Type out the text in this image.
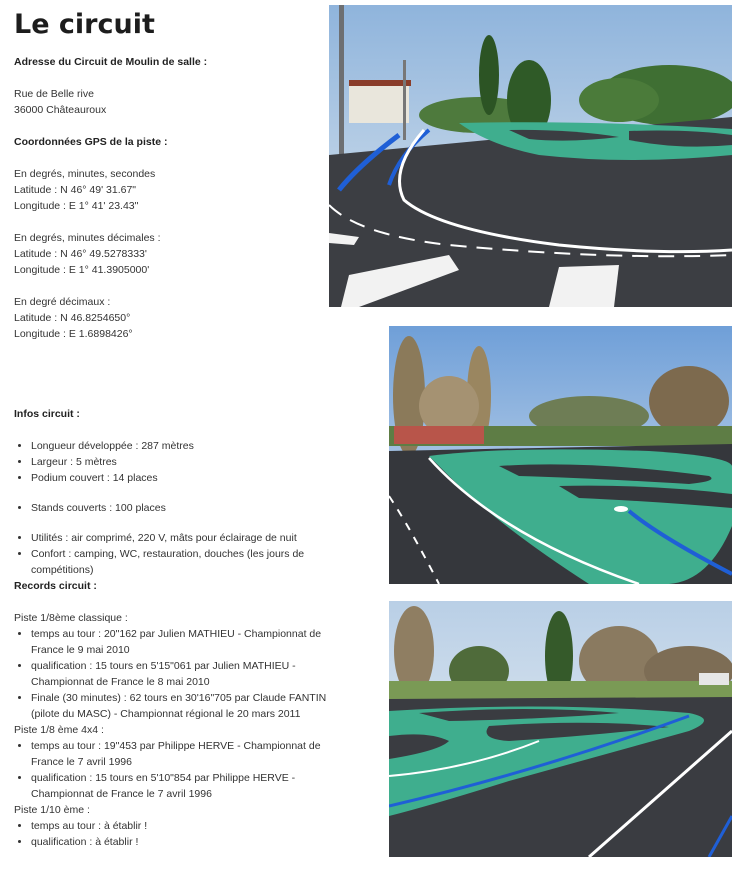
Le circuit

Adresse du Circuit de Moulin de salle :

Rue de Belle rive
36000 Châteauroux

Coordonnées GPS de la piste :

En degrés, minutes, secondes
Latitude : N 46° 49' 31.67"
Longitude : E 1° 41' 23.43"

En degrés, minutes décimales :
Latitude : N 46° 49.5278333'
Longitude : E 1° 41.3905000'

En degré décimaux :
Latitude : N 46.8254650°
Longitude : E 1.6898426°

Infos circuit :

• Longueur développée : 287 mètres
• Largeur : 5 mètres
• Podium couvert : 14 places
• Stands couverts : 100 places
• Utilités : air comprimé, 220 V, mâts pour éclairage de nuit
• Confort : camping, WC, restauration, douches (les jours de compétitions)
Records circuit :
Piste 1/8ème classique :
• temps au tour : 20"162 par Julien MATHIEU - Championnat de France le 9 mai 2010
• qualification : 15 tours en 5'15"061 par Julien MATHIEU - Championnat de France le 8 mai 2010
• Finale (30 minutes) : 62 tours en 30'16"705 par Claude FANTIN (pilote du MASC) - Championnat régional le 20 mars 2011
Piste 1/8 ème 4x4 :
• temps au tour : 19"453 par Philippe HERVE - Championnat de France le 7 avril 1996
• qualification : 15 tours en 5'10"854 par Philippe HERVE - Championnat de France le 7 avril 1996
Piste 1/10 ème :
• temps au tour : à établir !
• qualification : à établir !
